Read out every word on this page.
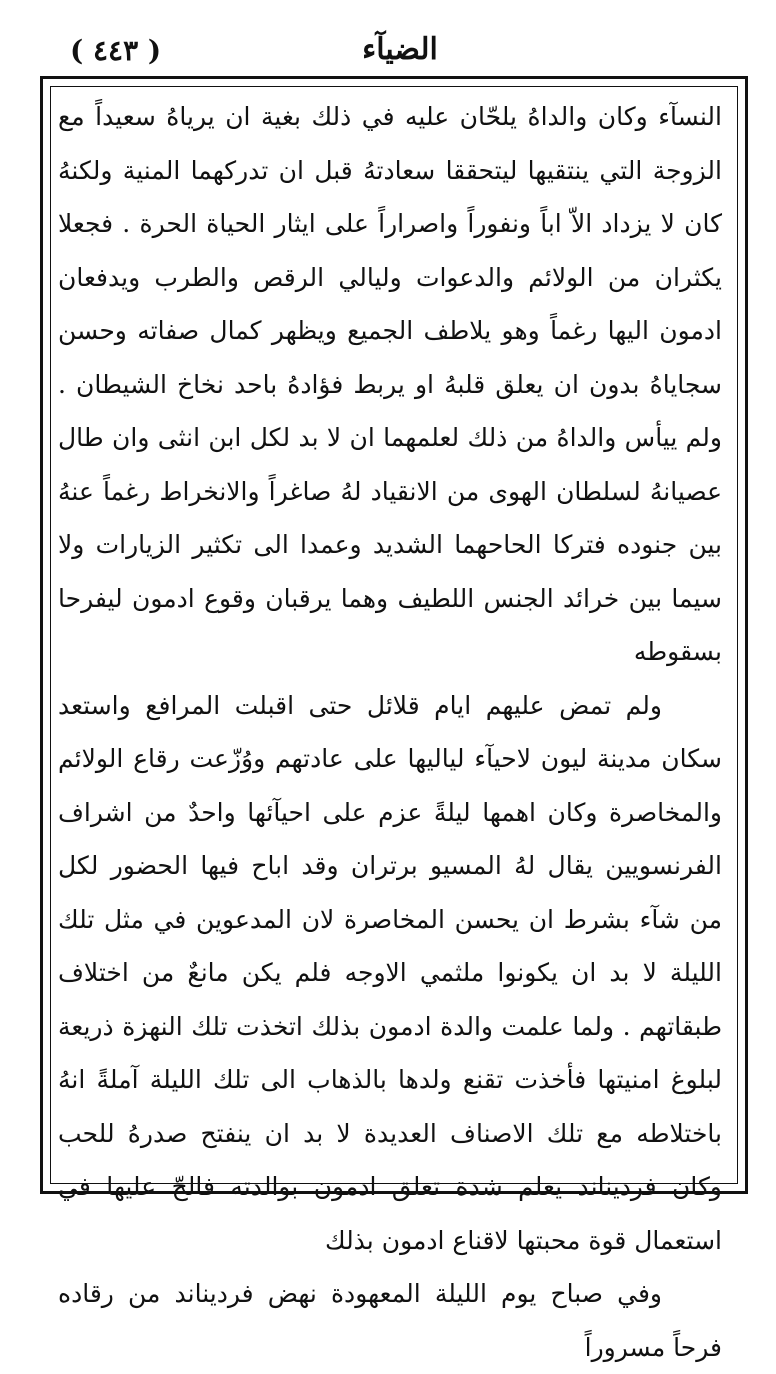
( ٤٤٣ )	الضيآء

النسآء وكان والداهُ يلحّان عليه في ذلك بغية ان يرياهُ سعيداً مع الزوجة التي ينتقيها ليتحققا سعادتهُ قبل ان تدركهما المنية ولكنهُ كان لا يزداد الاّ اباً ونفوراً واصراراً على ايثار الحياة الحرة . فجعلا يكثران من الولائم والدعوات وليالي الرقص والطرب ويدفعان ادمون اليها رغماً وهو يلاطف الجميع ويظهر كمال صفاته وحسن سجاياهُ بدون ان يعلق قلبهُ او يربط فؤادهُ باحد نخاخ الشيطان . ولم ييأس والداهُ من ذلك لعلمهما ان لا بد لكل ابن انثى وان طال عصيانهُ لسلطان الهوى من الانقياد لهُ صاغراً والانخراط رغماً عنهُ بين جنوده فتركا الحاحهما الشديد وعمدا الى تكثير الزيارات ولا سيما بين خرائد الجنس اللطيف وهما يرقبان وقوع ادمون ليفرحا بسقوطه

ولم تمض عليهم ايام قلائل حتى اقبلت المرافع واستعد سكان مدينة ليون لاحيآء لياليها على عادتهم ووُزّعت رقاع الولائم والمخاصرة وكان اهمها ليلةً عزم على احيآئها واحدٌ من اشراف الفرنسويين يقال لهُ المسيو برتران وقد اباح فيها الحضور لكل من شآء بشرط ان يحسن المخاصرة لان المدعوين في مثل تلك الليلة لا بد ان يكونوا ملثمي الاوجه فلم يكن مانعٌ من اختلاف طبقاتهم . ولما علمت والدة ادمون بذلك اتخذت تلك النهزة ذريعة لبلوغ امنيتها فأخذت تقنع ولدها بالذهاب الى تلك الليلة آملةً انهُ باختلاطه مع تلك الاصناف العديدة لا بد ان ينفتح صدرهُ للحب وكان فرديناند يعلم شدة تعلق ادمون بوالدته فالحّ عليها في استعمال قوة محبتها لاقناع ادمون بذلك

وفي صباح يوم الليلة المعهودة نهض فرديناند من رقاده فرحاً مسروراً
